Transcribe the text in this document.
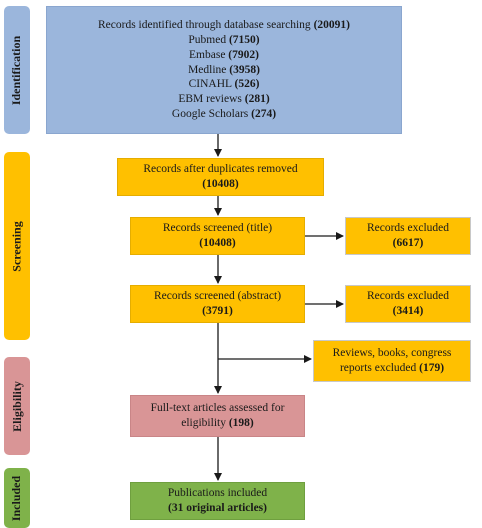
Identification
Screening
Eligibility
Included
Records identified through database searching (20091)
Pubmed (7150)
Embase (7902)
Medline (3958)
CINAHL (526)
EBM reviews (281)
Google Scholars (274)
Records after duplicates removed
(10408)
Records screened (title)
(10408)
Records excluded
(6617)
Records screened (abstract)
(3791)
Records excluded
(3414)
Reviews, books, congress
reports excluded (179)
Full-text articles assessed for
eligibility (198)
Publications included
(31 original articles)
